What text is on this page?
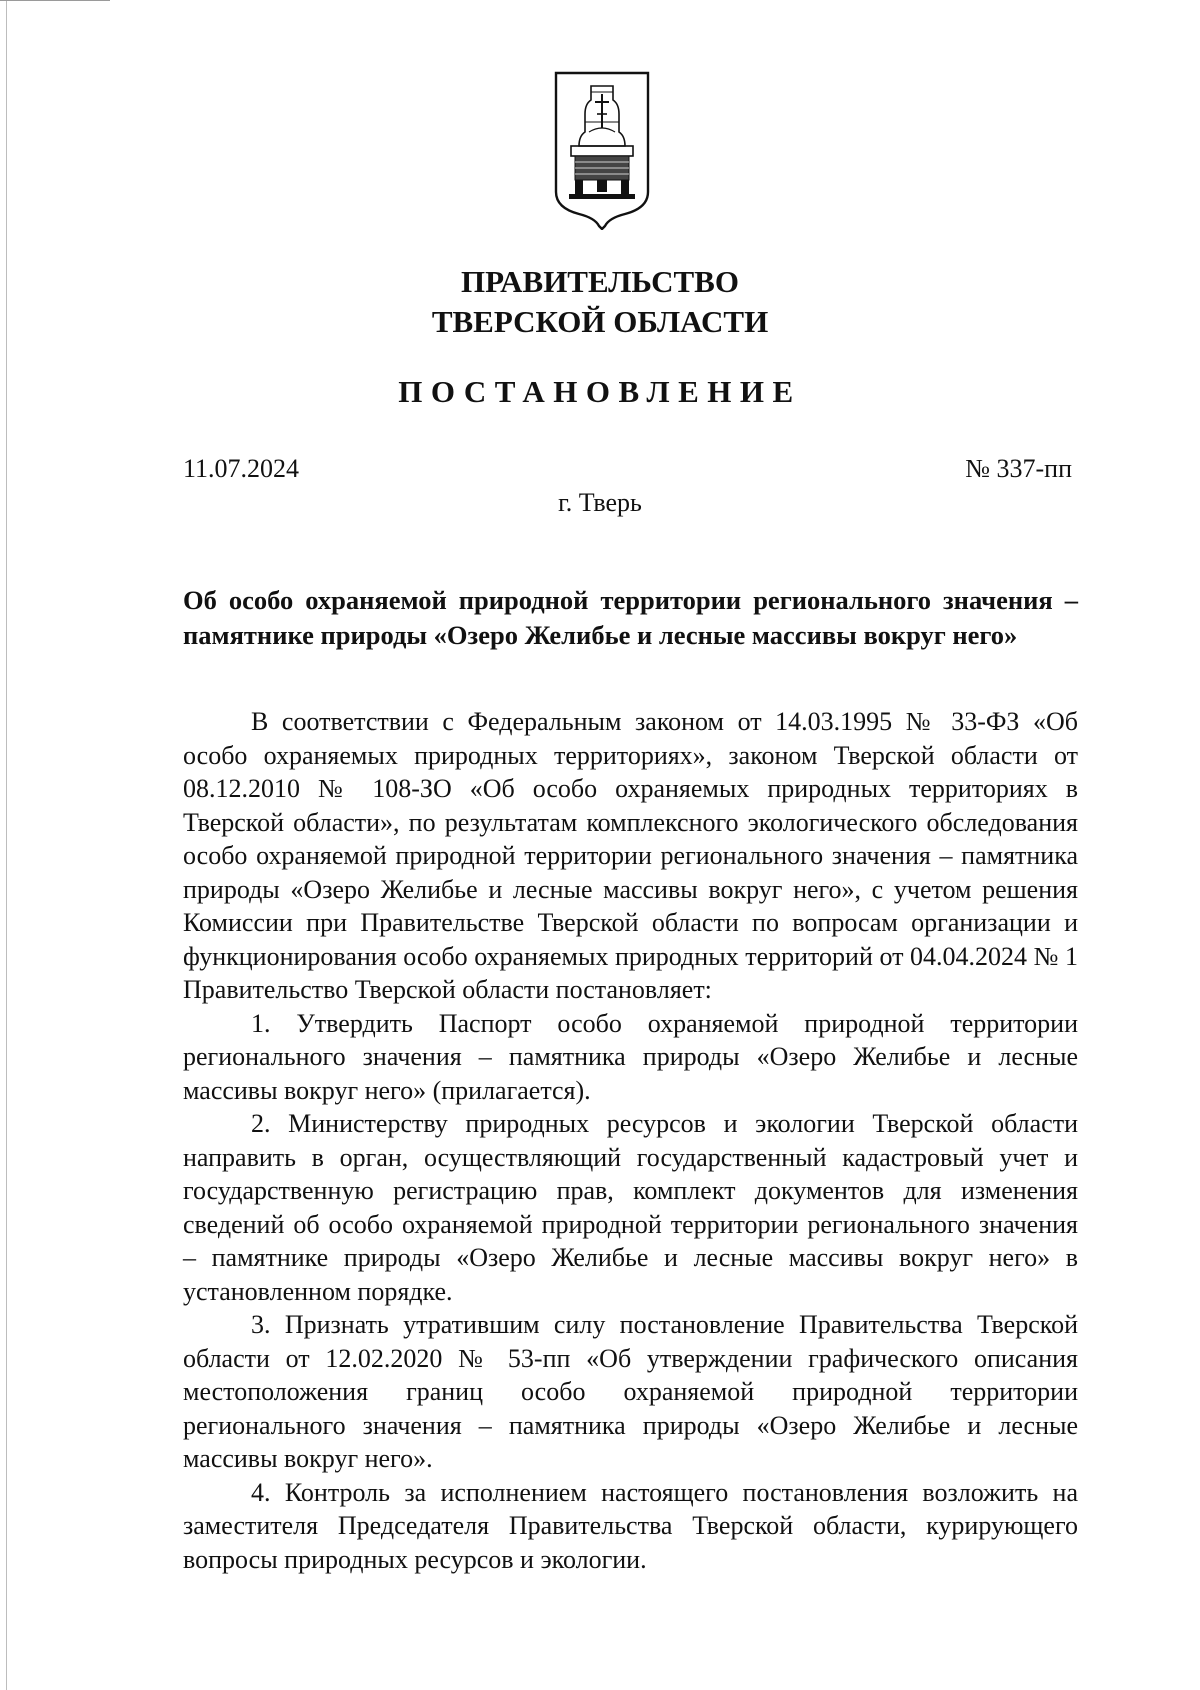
ПРАВИТЕЛЬСТВО
ТВЕРСКОЙ ОБЛАСТИ
ПОСТАНОВЛЕНИЕ
11.07.2024	№ 337-пп
г. Тверь
Об особо охраняемой природной территории регионального значения – памятнике природы «Озеро Желибье и лесные массивы вокруг него»

В соответствии с Федеральным законом от 14.03.1995 № 33-ФЗ «Об особо охраняемых природных территориях», законом Тверской области от 08.12.2010 № 108-ЗО «Об особо охраняемых природных территориях в Тверской области», по результатам комплексного экологического обследования особо охраняемой природной территории регионального значения – памятника природы «Озеро Желибье и лесные массивы вокруг него», с учетом решения Комиссии при Правительстве Тверской области по вопросам организации и функционирования особо охраняемых природных территорий от 04.04.2024 № 1 Правительство Тверской области постановляет:

1. Утвердить Паспорт особо охраняемой природной территории регионального значения – памятника природы «Озеро Желибье и лесные массивы вокруг него» (прилагается).

2. Министерству природных ресурсов и экологии Тверской области направить в орган, осуществляющий государственный кадастровый учет и государственную регистрацию прав, комплект документов для изменения сведений об особо охраняемой природной территории регионального значения – памятнике природы «Озеро Желибье и лесные массивы вокруг него» в установленном порядке.

3. Признать утратившим силу постановление Правительства Тверской области от 12.02.2020 № 53-пп «Об утверждении графического описания местоположения границ особо охраняемой природной территории регионального значения – памятника природы «Озеро Желибье и лесные массивы вокруг него».

4. Контроль за исполнением настоящего постановления возложить на заместителя Председателя Правительства Тверской области, курирующего вопросы природных ресурсов и экологии.
